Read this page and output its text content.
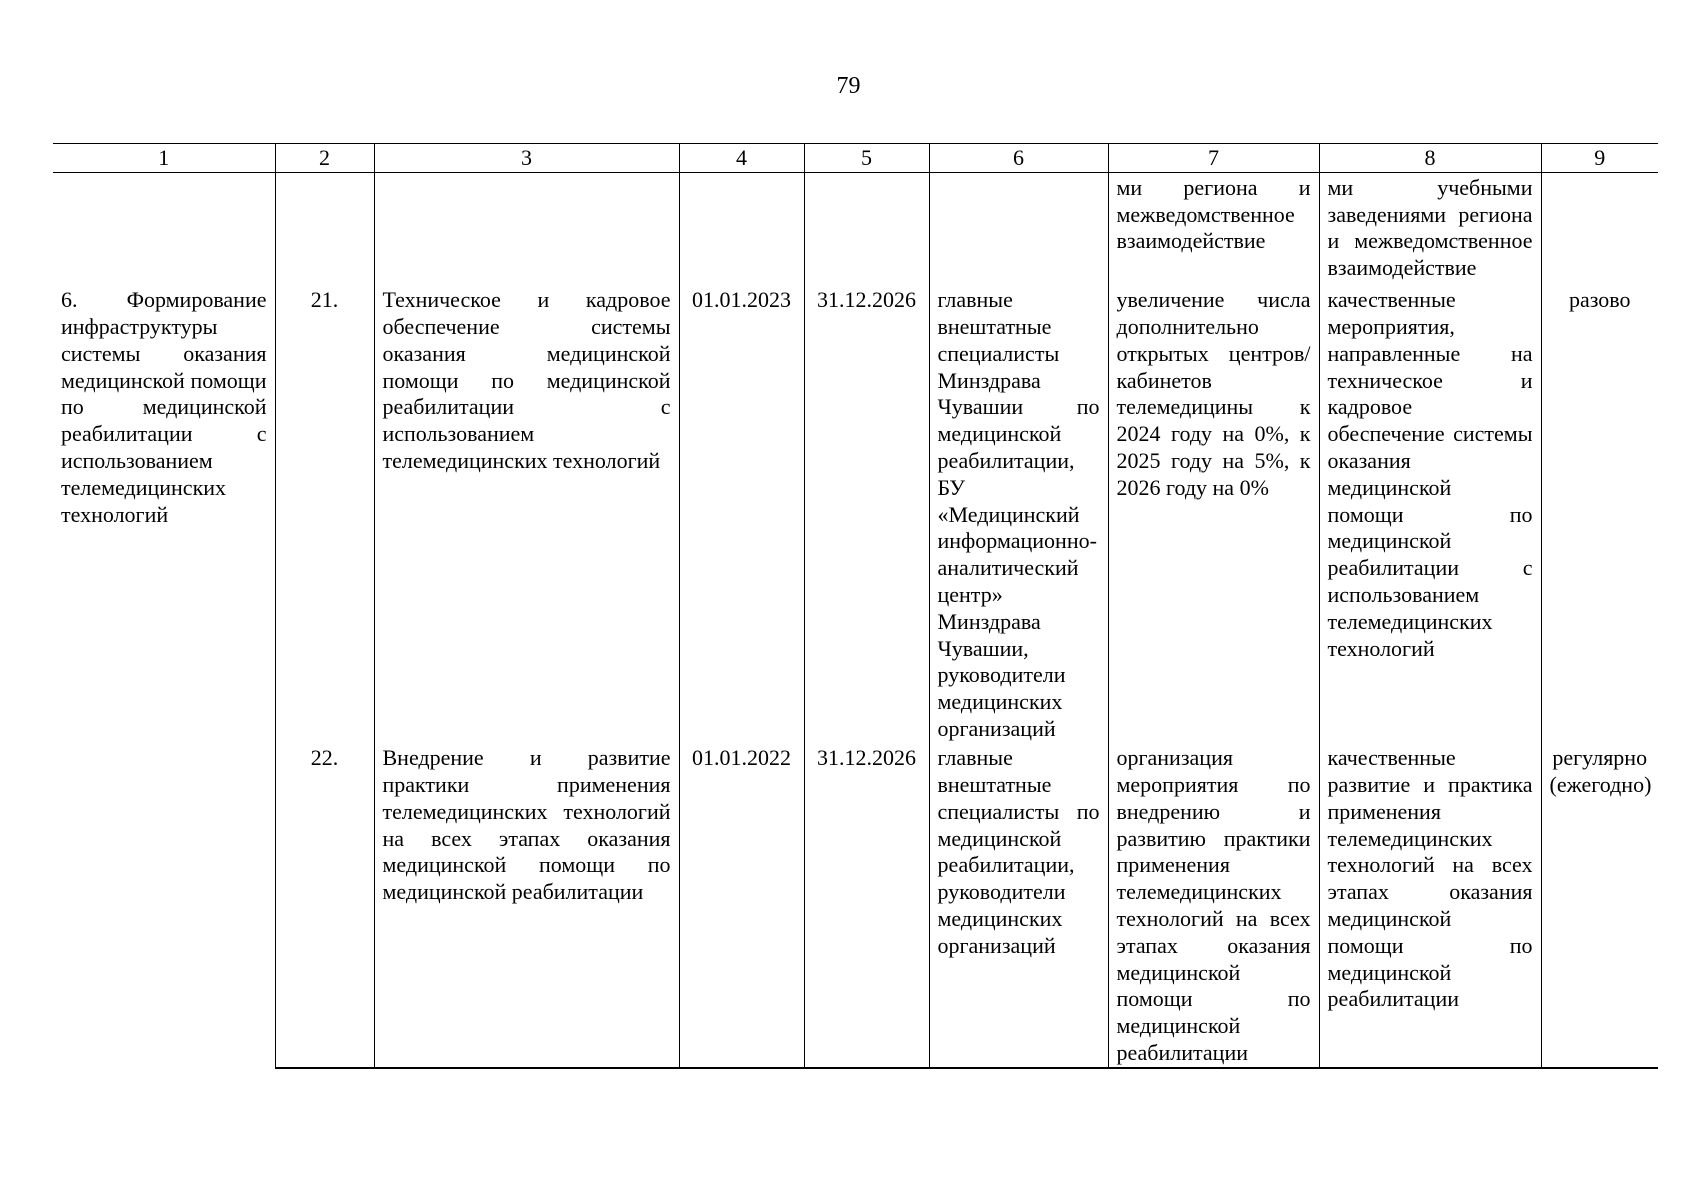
79
1	2	3	4	5	6	7	8	9
						ми региона и межведомственное взаимодействие	ми учебными заведениями региона и межведомственное взаимодействие	
6. Формирование инфраструктуры системы оказания медицинской помощи по медицинской реабилитации с использованием телемедицинских технологий	21.	Техническое и кадровое обеспечение системы оказания медицинской помощи по медицинской реабилитации с использованием телемедицинских технологий	01.01.2023	31.12.2026	главные внештатные специалисты Минздрава Чувашии по медицинской реабилитации, БУ «Медицинский информационно-аналитический центр» Минздрава Чувашии, руководители медицинских организаций	увеличение числа дополнительно открытых центров/кабинетов телемедицины к 2024 году на 0%, к 2025 году на 5%, к 2026 году на 0%	качественные мероприятия, направленные на техническое и кадровое обеспечение системы оказания медицинской помощи по медицинской реабилитации с использованием телемедицинских технологий	разово
	22.	Внедрение и развитие практики применения телемедицинских технологий на всех этапах оказания медицинской помощи по медицинской реабилитации	01.01.2022	31.12.2026	главные внештатные специалисты по медицинской реабилитации, руководители медицинских организаций	организация мероприятия по внедрению и развитию практики применения телемедицинских технологий на всех этапах оказания медицинской помощи по медицинской реабилитации	качественные развитие и практика применения телемедицинских технологий на всех этапах оказания медицинской помощи по медицинской реабилитации	регулярно (ежегодно)
